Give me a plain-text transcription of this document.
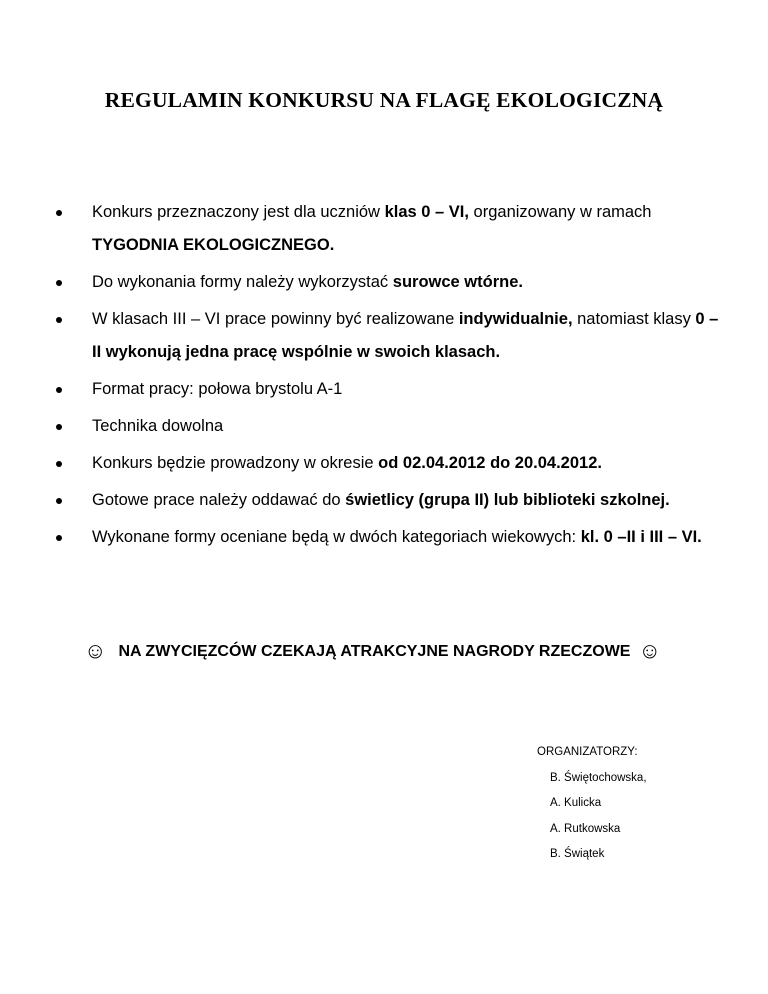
REGULAMIN KONKURSU NA FLAGĘ EKOLOGICZNĄ
Konkurs przeznaczony jest dla uczniów klas 0 – VI, organizowany w ramach TYGODNIA EKOLOGICZNEGO.
Do wykonania formy należy wykorzystać surowce wtórne.
W klasach III – VI prace powinny być realizowane indywidualnie, natomiast klasy 0 – II wykonują jedna pracę wspólnie w swoich klasach.
Format pracy: połowa brystolu A-1
Technika dowolna
Konkurs będzie prowadzony w okresie od 02.04.2012 do 20.04.2012.
Gotowe prace należy oddawać do świetlicy (grupa II) lub biblioteki szkolnej.
Wykonane formy oceniane będą w dwóch kategoriach wiekowych: kl. 0 –II i III – VI.
☺ NA ZWYCIĘZCÓW CZEKAJĄ ATRAKCYJNE NAGRODY RZECZOWE ☺
ORGANIZATORZY:
B. Świętochowska,
A. Kulicka
A. Rutkowska
B. Świątek
